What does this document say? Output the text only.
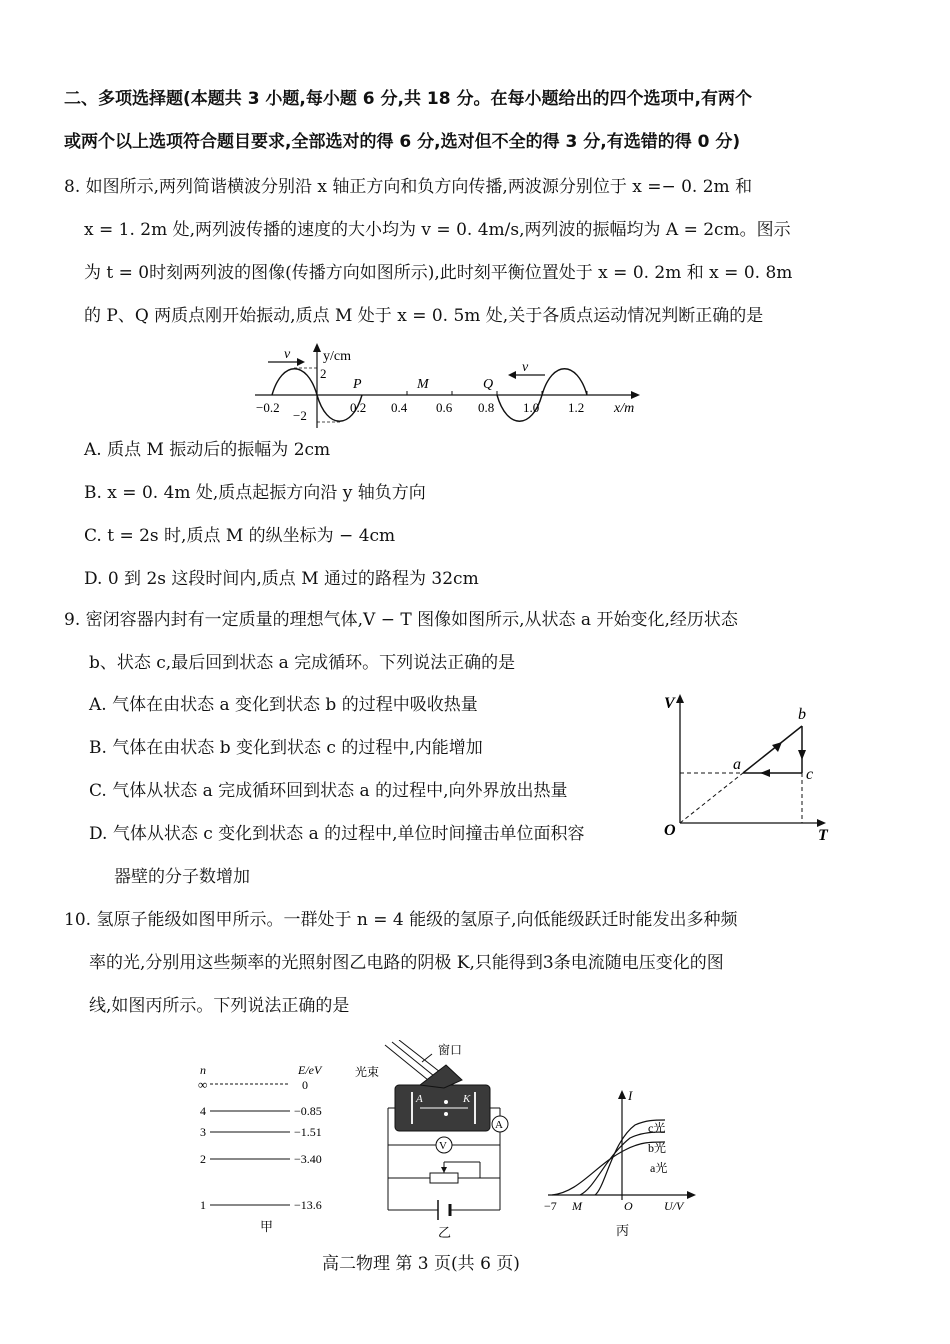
二、多项选择题(本题共 3 小题,每小题 6 分,共 18 分。在每小题给出的四个选项中,有两个
或两个以上选项符合题目要求,全部选对的得 6 分,选对但不全的得 3 分,有选错的得 0 分)
8. 如图所示,两列简谐横波分别沿 x 轴正方向和负方向传播,两波源分别位于 x =− 0. 2m 和
x = 1. 2m 处,两列波传播的速度的大小均为 v = 0. 4m/s,两列波的振幅均为 A = 2cm。图示
为 t = 0时刻两列波的图像(传播方向如图所示),此时刻平衡位置处于 x = 0. 2m 和 x = 0. 8m
的 P、Q 两质点刚开始振动,质点 M 处于 x = 0. 5m 处,关于各质点运动情况判断正确的是
v
v
y/cm
2
−2
−0.2	0.2 0.4 0.6 0.8 1.0 1.2 x/m
P	M	Q
A. 质点 M 振动后的振幅为 2cm
B. x = 0. 4m 处,质点起振方向沿 y 轴负方向
C. t = 2s 时,质点 M 的纵坐标为 − 4cm
D. 0 到 2s 这段时间内,质点 M 通过的路程为 32cm
9. 密闭容器内封有一定质量的理想气体,V − T 图像如图所示,从状态 a 开始变化,经历状态
b、状态 c,最后回到状态 a 完成循环。下列说法正确的是
A. 气体在由状态 a 变化到状态 b 的过程中吸收热量
B. 气体在由状态 b 变化到状态 c 的过程中,内能增加
C. 气体从状态 a 完成循环回到状态 a 的过程中,向外界放出热量
D. 气体从状态 c 变化到状态 a 的过程中,单位时间撞击单位面积容
器壁的分子数增加
V
T
O
a
b
c
10. 氢原子能级如图甲所示。一群处于 n = 4 能级的氢原子,向低能级跃迁时能发出多种频
率的光,分别用这些频率的光照射图乙电路的阴极 K,只能得到3条电流随电压变化的图
线,如图丙所示。下列说法正确的是
n	E/eV
∞	0
4	−0.85
3	−1.51
2	−3.40
1	−13.6
甲
窗口
光束
A	K
A
V
乙
I
c光
b光
a光
−7 M	O	U/V
丙
高二物理 第 3 页(共 6 页)
